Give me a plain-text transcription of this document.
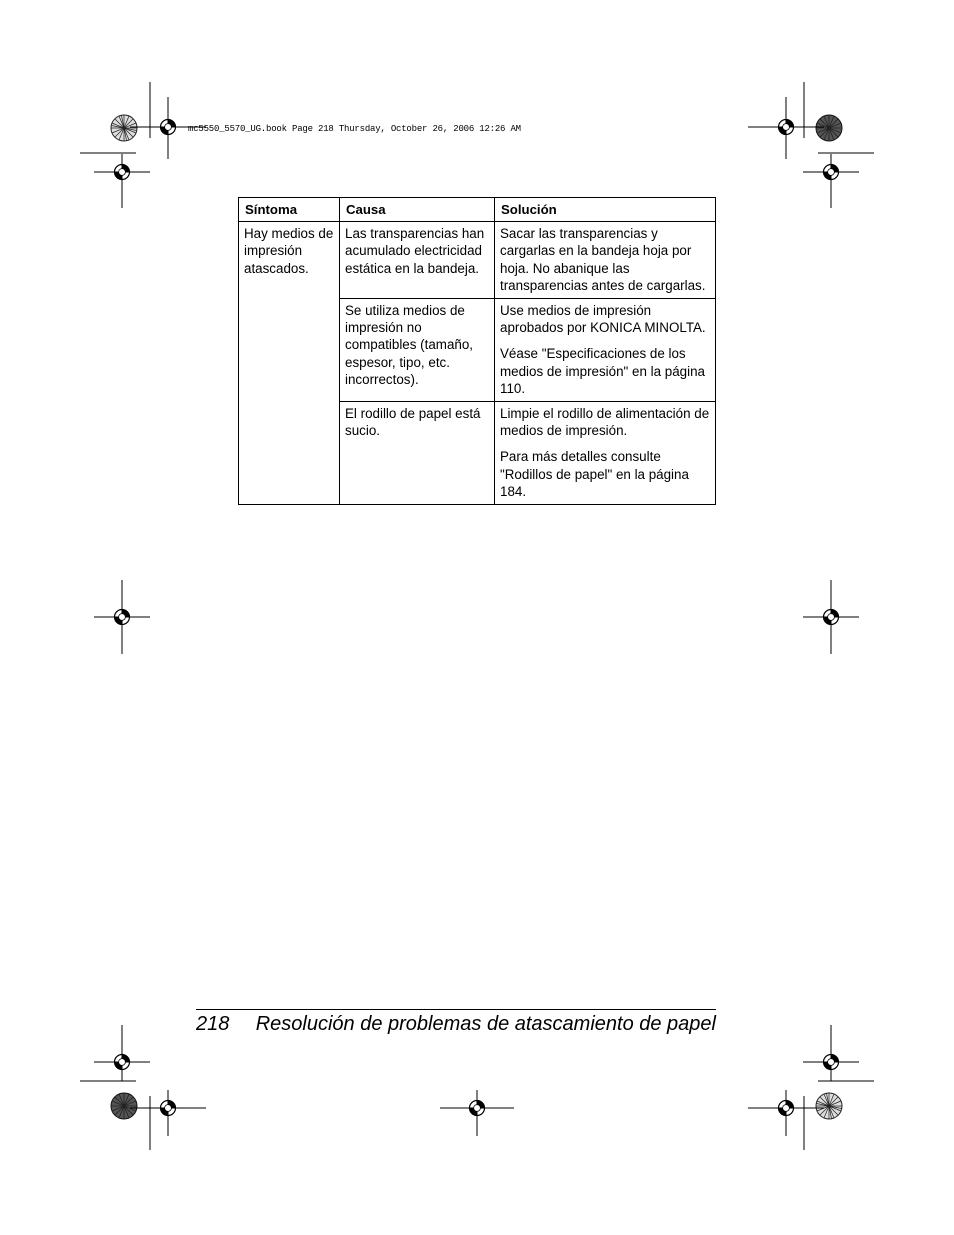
mc5550_5570_UG.book Page 218 Thursday, October 26, 2006 12:26 AM
Síntoma	Causa	Solución
Hay medios de impresión atascados.	Las transparencias han acumulado electricidad estática en la bandeja.	Sacar las transparencias y cargarlas en la bandeja hoja por hoja. No abanique las transparencias antes de cargarlas.

	Se utiliza medios de impresión no compatibles (tamaño, espesor, tipo, etc. incorrectos).	Use medios de impresión aprobados por KONICA MINOLTA.

Véase "Especificaciones de los medios de impresión" en la página 110.

	El rodillo de papel está sucio.	Limpie el rodillo de alimentación de medios de impresión.

Para más detalles consulte "Rodillos de papel" en la página 184.

218 Resolución de problemas de atascamiento de papel
